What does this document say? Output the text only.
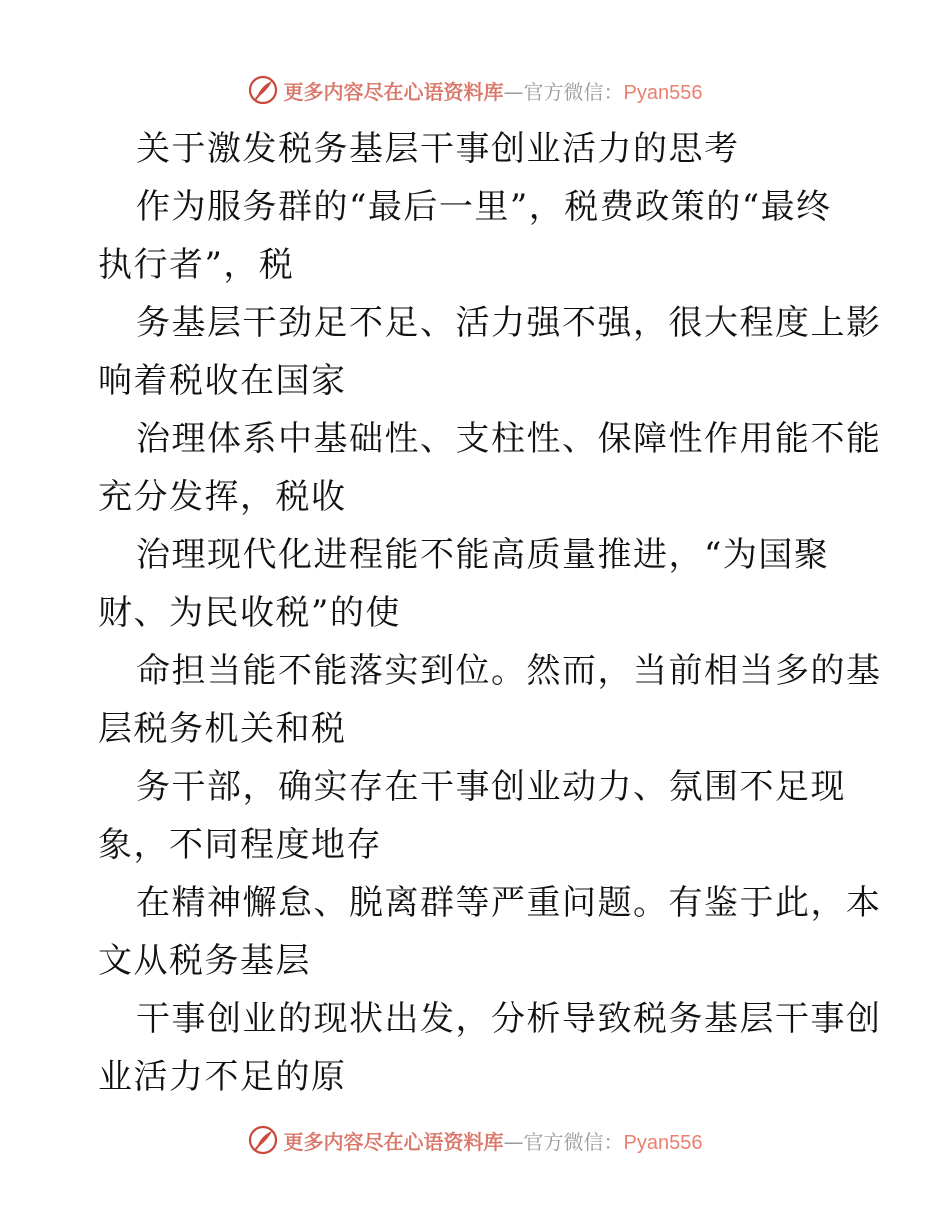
更多内容尽在心语资料库—官方微信：Pyan556
关于激发税务基层干事创业活力的思考
作为服务群的“最后一里”，税费政策的“最终
执行者”，税
务基层干劲足不足、活力强不强，很大程度上影
响着税收在国家
治理体系中基础性、支柱性、保障性作用能不能
充分发挥，税收
治理现代化进程能不能高质量推进，“为国聚
财、为民收税”的使
命担当能不能落实到位。然而，当前相当多的基
层税务机关和税
务干部，确实存在干事创业动力、氛围不足现
象，不同程度地存
在精神懈怠、脱离群等严重问题。有鉴于此，本
文从税务基层
干事创业的现状出发，分析导致税务基层干事创
业活力不足的原
更多内容尽在心语资料库—官方微信：Pyan556
